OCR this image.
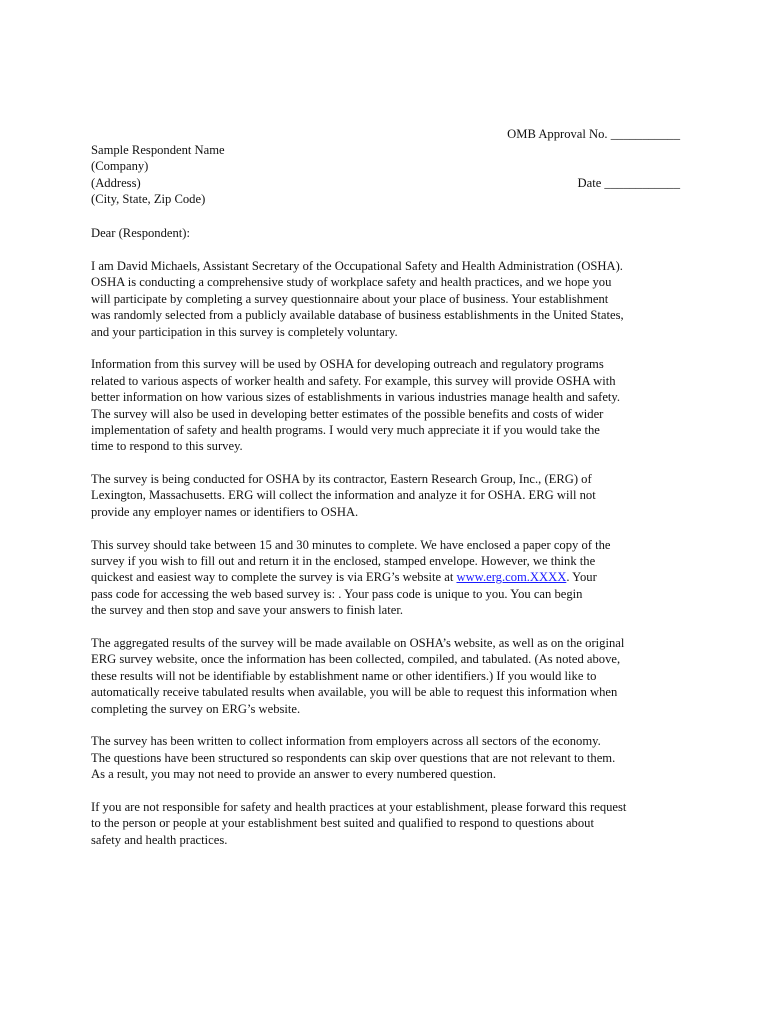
OMB Approval No. ___________

Date ____________

Sample Respondent Name
(Company)
(Address)
(City, State, Zip Code)
Dear (Respondent):
I am David Michaels, Assistant Secretary of the Occupational Safety and Health Administration (OSHA).
OSHA is conducting a comprehensive study of workplace safety and health practices, and we hope you
will participate by completing a survey questionnaire about your place of business. Your establishment
was randomly selected from a publicly available database of business establishments in the United States,
and your participation in this survey is completely voluntary.
Information from this survey will be used by OSHA for developing outreach and regulatory programs
related to various aspects of worker health and safety. For example, this survey will provide OSHA with
better information on how various sizes of establishments in various industries manage health and safety.
The survey will also be used in developing better estimates of the possible benefits and costs of wider
implementation of safety and health programs. I would very much appreciate it if you would take the
time to respond to this survey.
The survey is being conducted for OSHA by its contractor, Eastern Research Group, Inc., (ERG) of
Lexington, Massachusetts. ERG will collect the information and analyze it for OSHA. ERG will not
provide any employer names or identifiers to OSHA.
This survey should take between 15 and 30 minutes to complete. We have enclosed a paper copy of the
survey if you wish to fill out and return it in the enclosed, stamped envelope. However, we think the
quickest and easiest way to complete the survey is via ERG’s website at www.erg.com.XXXX. Your
pass code for accessing the web based survey is: . Your pass code is unique to you. You can begin
the survey and then stop and save your answers to finish later.
The aggregated results of the survey will be made available on OSHA’s website, as well as on the original
ERG survey website, once the information has been collected, compiled, and tabulated. (As noted above,
these results will not be identifiable by establishment name or other identifiers.) If you would like to
automatically receive tabulated results when available, you will be able to request this information when
completing the survey on ERG’s website.
The survey has been written to collect information from employers across all sectors of the economy.
The questions have been structured so respondents can skip over questions that are not relevant to them.
As a result, you may not need to provide an answer to every numbered question.
If you are not responsible for safety and health practices at your establishment, please forward this request
to the person or people at your establishment best suited and qualified to respond to questions about
safety and health practices.
